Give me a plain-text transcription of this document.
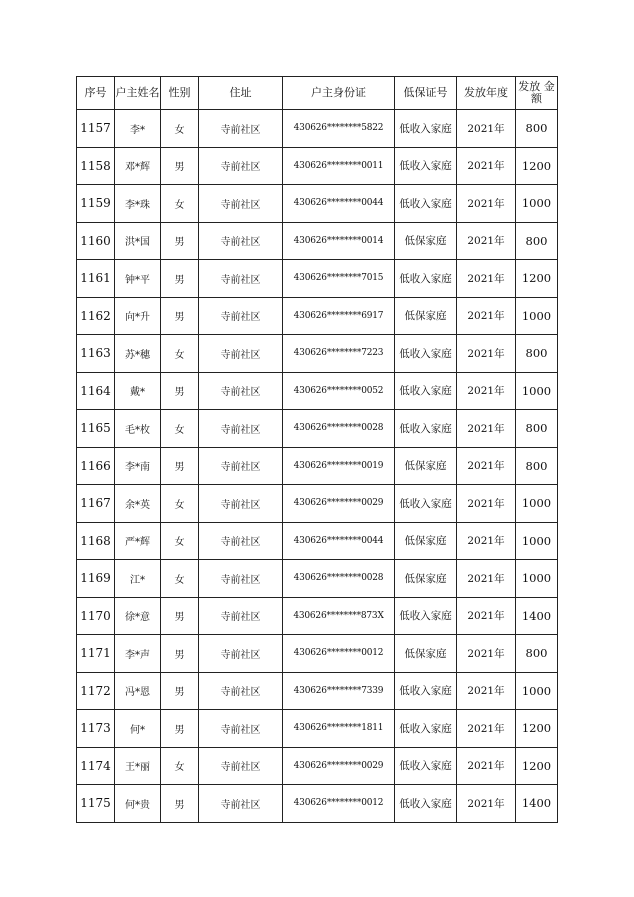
序号	户主姓名	性别	住址	户主身份证	低保证号	发放年度	发放 金额
1157	李*	女	寺前社区	430626********5822	低收入家庭	2021年	800
1158	邓*辉	男	寺前社区	430626********0011	低收入家庭	2021年	1200
1159	李*珠	女	寺前社区	430626********0044	低收入家庭	2021年	1000
1160	洪*国	男	寺前社区	430626********0014	低保家庭	2021年	800
1161	钟*平	男	寺前社区	430626********7015	低收入家庭	2021年	1200
1162	向*升	男	寺前社区	430626********6917	低保家庭	2021年	1000
1163	苏*穗	女	寺前社区	430626********7223	低收入家庭	2021年	800
1164	戴*	男	寺前社区	430626********0052	低收入家庭	2021年	1000
1165	毛*枚	女	寺前社区	430626********0028	低收入家庭	2021年	800
1166	李*南	男	寺前社区	430626********0019	低保家庭	2021年	800
1167	余*英	女	寺前社区	430626********0029	低收入家庭	2021年	1000
1168	严*辉	女	寺前社区	430626********0044	低保家庭	2021年	1000
1169	江*	女	寺前社区	430626********0028	低保家庭	2021年	1000
1170	徐*意	男	寺前社区	430626********873X	低收入家庭	2021年	1400
1171	李*声	男	寺前社区	430626********0012	低保家庭	2021年	800
1172	冯*恩	男	寺前社区	430626********7339	低收入家庭	2021年	1000
1173	何*	男	寺前社区	430626********1811	低收入家庭	2021年	1200
1174	王*丽	女	寺前社区	430626********0029	低收入家庭	2021年	1200
1175	何*贵	男	寺前社区	430626********0012	低收入家庭	2021年	1400
